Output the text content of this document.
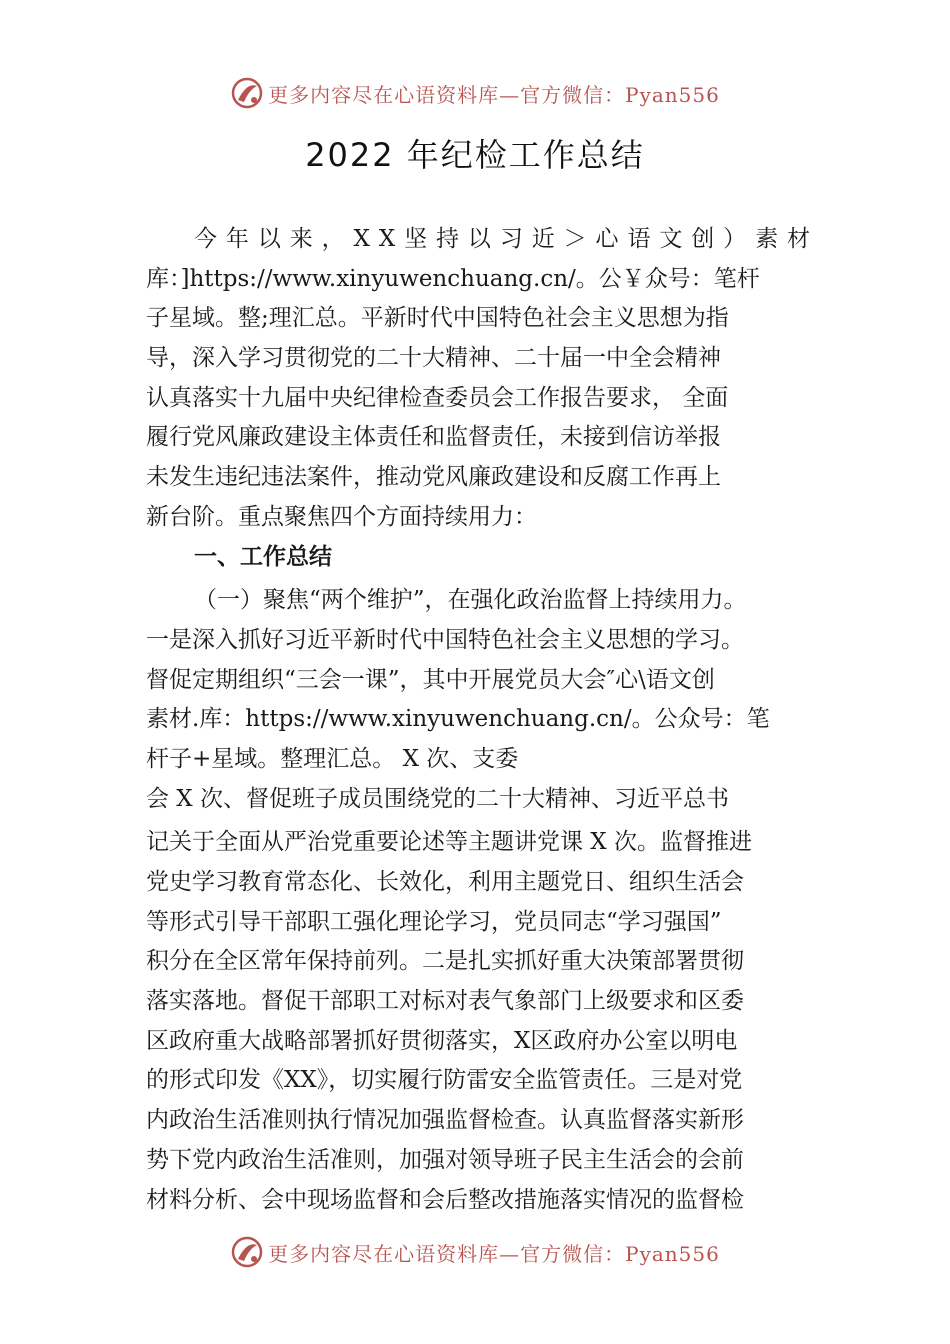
更多内容尽在心语资料库—官方微信：Pyan556
2022 年纪检工作总结
今 年 以 来 ， X X 坚 持 以 习 近 ＞ 心 语 文 创 ） 素 材
库：]https://www.xinyuwenchuang.cn/。公￥众号：笔杆
子星域。整;理汇总。平新时代中国特色社会主义思想为指
导，深入学习贯彻党的二十大精神、二十届一中全会精神
认真落实十九届中央纪律检查委员会工作报告要求， 全面
履行党风廉政建设主体责任和监督责任，未接到信访举报
未发生违纪违法案件，推动党风廉政建设和反腐工作再上
新台阶。重点聚焦四个方面持续用力：
一、工作总结
（一）聚焦“两个维护”，在强化政治监督上持续用力。
一是深入抓好习近平新时代中国特色社会主义思想的学习。
督促定期组织“三会一课”，其中开展党员大会″心\语文创
素材.库：https://www.xinyuwenchuang.cn/。公众号：笔
杆子+星域。整理汇总。 X 次、支委
会 X 次、督促班子成员围绕党的二十大精神、习近平总书
记关于全面从严治党重要论述等主题讲党课 X 次。监督推进
党史学习教育常态化、长效化，利用主题党日、组织生活会
等形式引导干部职工强化理论学习，党员同志“学习强国”
积分在全区常年保持前列。二是扎实抓好重大决策部署贯彻
落实落地。督促干部职工对标对表气象部门上级要求和区委
区政府重大战略部署抓好贯彻落实，X区政府办公室以明电
的形式印发《XX》，切实履行防雷安全监管责任。三是对党
内政治生活准则执行情况加强监督检查。认真监督落实新形
势下党内政治生活准则，加强对领导班子民主生活会的会前
材料分析、会中现场监督和会后整改措施落实情况的监督检
更多内容尽在心语资料库—官方微信：Pyan556
